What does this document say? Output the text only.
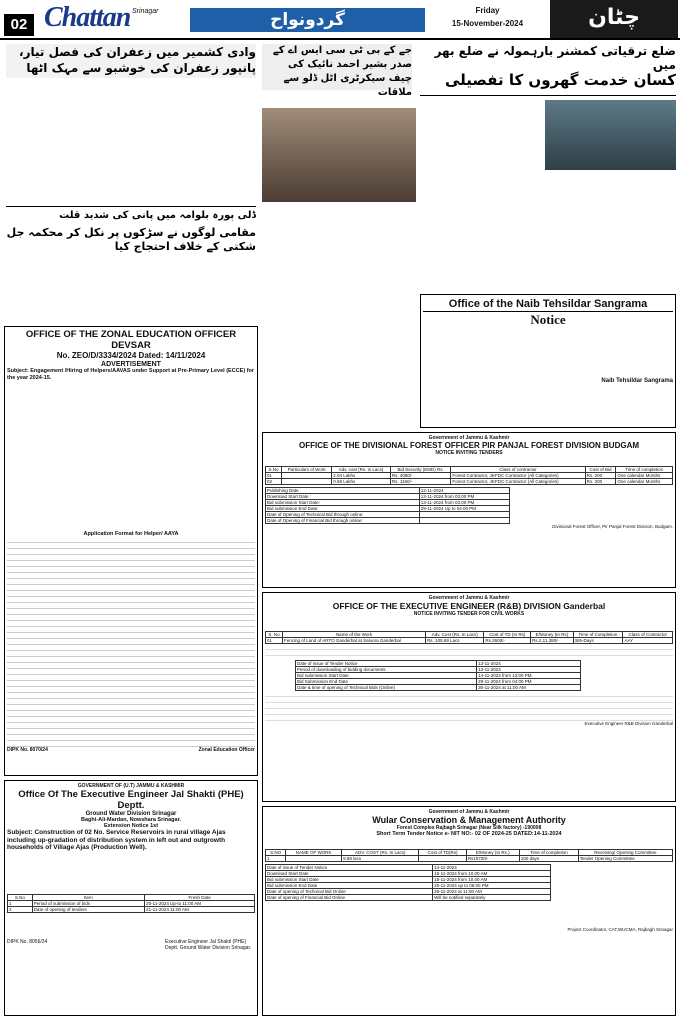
02 Chattan Srinagar	گردونواح	Friday
15-November-2024	چٹان
وادی کشمیر میں زعفران کی فصل تیار، پانپور زعفران کی خوشبو سے مہک اٹھا
ڈلی پورہ بلوامہ میں پانی کی شدید قلت
مقامی لوگوں نے سڑکوں پر نکل کر محکمہ جل شکتی کے خلاف احتجاج کیا
OFFICE OF THE ZONAL EDUCATION OFFICER DEVSAR
No. ZEO/D/3334/2024 Dated: 14/11/2024
ADVERTISEMENT
Subject: Engagement /Hiring of Helpers/AAVAS under Support at Pre-Primary Level (ECCE) for the year 2024-15.
Application Format for Helper/ AAYA
DIPK No. 8070/24	Zonal Education Officer
GOVERNMENT OF (U.T) JAMMU & KASHMIR
Office Of The Executive Engineer Jal Shakti (PHE) Deptt.
Ground Water Division Srinagar
Baghi-Ali-Mardan, Nowshara Srinagar.
Extension Notice 1st
Subject: Construction of 02 No. Service Reservoirs in rural village Ajas including up-gradation of distribution system in left out and outgrowth households of Village Ajas (Production Well).
S.No	Item	Fresh Date
1	Period of submission of bids	20-11-2024 Up-to 11:00 AM
2	Date of opening of tenders	21-11-2024 11:00 AM
DIPK No. 8056/24	Executive Engineer Jal Shakti (PHE) Deptt. Ground Water Division Srinagar.
جے کے بی ٹی سی ایس اے کے صدر بشیر احمد نائیک کی چیف سیکرٹری اٹل ڈلو سے ملاقات
ضلع ترقیاتی کمشنر بارہمولہ نے ضلع بھر میں
کسان خدمت گھروں کا تفصیلی
Office of the Naib Tehsildar Sangrama
Notice
Naib Tehsildar Sangrama
Government of Jammu & Kashmir
OFFICE OF THE DIVISIONAL FOREST OFFICER PIR PANJAL FOREST DIVISION BUDGAM
NOTICE INVITING TENDERS
S.No	Particulars of Work	Adv. cost (Rs. in Lacs)	Bid Security (EMD) Rs.	Class of contractor	Cost of Bid	Time of completion
01		2.04 Lakhs	Rs. 4080/-	Forest Contractor, JKFDC Contractor (All Categories)	Rs. 200	One calendar Months
02		0.58 Lakhs	Rs. 1160/-	Forest Contractor, JKFDC Contractor (All Categories)	Rs. 200	One calendar Months
Publishing Date	12-11-2024
Download Start Date :	13-11-2024 from 03.00 PM
Bid submission Start Date:	13-11-2024 from 03.00 PM
Bid submission End Date:	29-11-2024 Up to 04.00 PM
Date of Opening of Technical Bid through online:	
Date of Opening of Financial Bid through online:	
Divisional Forest Officer, Pir Panjal Forest Division, Budgam.
Government of Jammu & Kashmir
OFFICE OF THE EXECUTIVE ENGINEER (R&B) DIVISION Ganderbal
NOTICE INVITING TENDER FOR CIVIL WORKS
S. No	Name of the Work	Adv. Cost (Rs. In Lacs)	Cost of TD (In Rs)	E/Money (In Rs)	Time of Completion	Class of Contractor
01	Fencing of Land of ARTO Ganderbal at Saloora Ganderbal	Rs. 105.69 Lacs	Rs.2600/-	Rs.2,11,380/-	365-Days	AAY
Date of Issue of Tender Notice	13-11-2024
Period of downloading of bidding documents	13-11-2024
Bid submission Start Date	14-11-2024 from 12:00 PM.
Bid Submission End Date	29-11-2024 from 04:00 PM
Date & time of opening of Technical Bids (Online)	30-11-2024 at 11:00 AM
Executive Engineer R&B Division Ganderbal
Government of Jammu & Kashmir
Wular Conservation & Management Authority
Forest Complex Rajbagh Srinagar (Near Silk factory) -190008
Short Term Tender Notice e- NIT NO:- 02 OF 2024-25 DATED:14-11-2024
S.NO	NAME OF WORK	ADV. COST (Rs. In Lacs)	Cost of TD(Rs)	E/Money (In Rs.)	Time of completion	Receiving/ Opening Committee
1		9.88 lacs		Rs19720/-	100 days	Tender Opening Committee
Date of issue of Tender Notice	14-11-2024
Download Start Date	15-11-2024 from 10.00 AM
Bid submission Start Date	15-11-2024 from 10.00 AM
Bid submission End Date	25-11-2024 up to 06:00 PM
Date of opening of Technical Bid Online	26-11-2024 at 11:00 AM
Date of opening of Financial Bid Online	Will be notified separately
Project Coordinator, CAT,WUCMA, Rajbagh Srinagar
